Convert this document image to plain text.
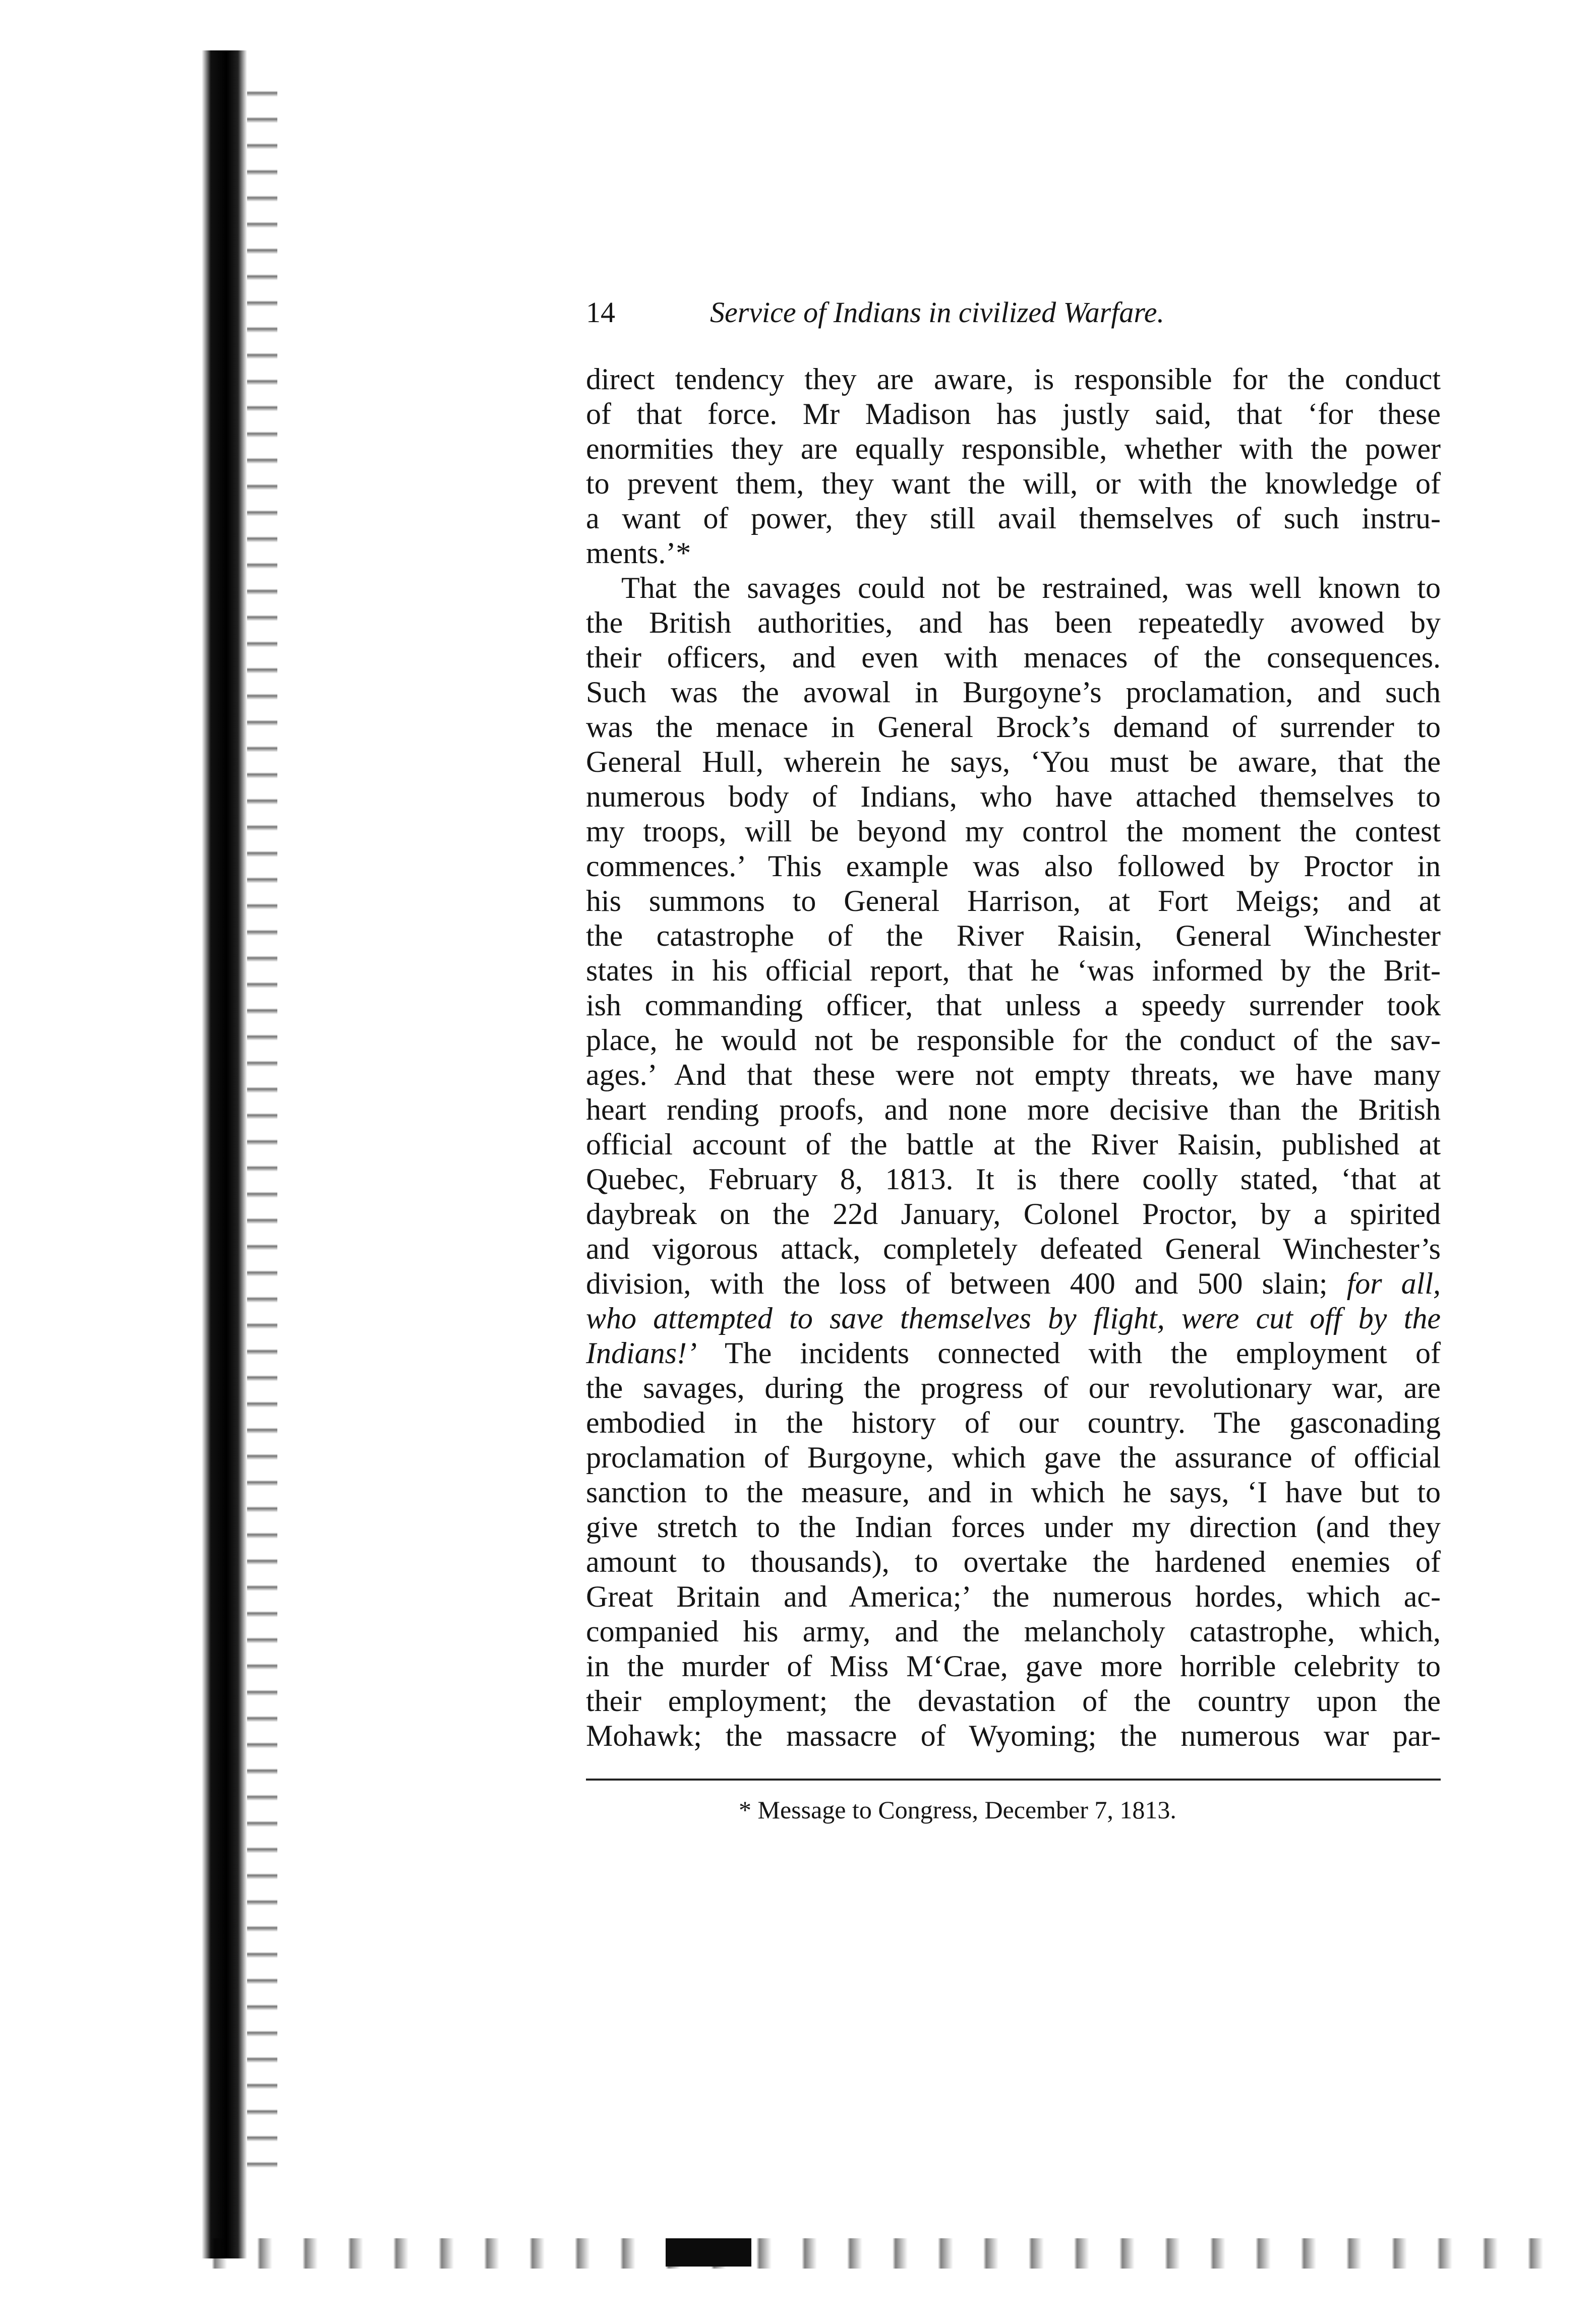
14	Service of Indians in civilized Warfare.
direct tendency they are aware, is responsible for the conduct
of that force. Mr Madison has justly said, that ‘for these
enormities they are equally responsible, whether with the power
to prevent them, they want the will, or with the knowledge of
a want of power, they still avail themselves of such instru-
ments.’*
That the savages could not be restrained, was well known to
the British authorities, and has been repeatedly avowed by
their officers, and even with menaces of the consequences.
Such was the avowal in Burgoyne’s proclamation, and such
was the menace in General Brock’s demand of surrender to
General Hull, wherein he says, ‘You must be aware, that the
numerous body of Indians, who have attached themselves to
my troops, will be beyond my control the moment the contest
commences.’ This example was also followed by Proctor in
his summons to General Harrison, at Fort Meigs; and at
the catastrophe of the River Raisin, General Winchester
states in his official report, that he ‘was informed by the Brit-
ish commanding officer, that unless a speedy surrender took
place, he would not be responsible for the conduct of the sav-
ages.’ And that these were not empty threats, we have many
heart rending proofs, and none more decisive than the British
official account of the battle at the River Raisin, published at
Quebec, February 8, 1813. It is there coolly stated, ‘that at
daybreak on the 22d January, Colonel Proctor, by a spirited
and vigorous attack, completely defeated General Winchester’s
division, with the loss of between 400 and 500 slain; for all,
who attempted to save themselves by flight, were cut off by the
Indians!’ The incidents connected with the employment of
the savages, during the progress of our revolutionary war, are
embodied in the history of our country. The gasconading
proclamation of Burgoyne, which gave the assurance of official
sanction to the measure, and in which he says, ‘I have but to
give stretch to the Indian forces under my direction (and they
amount to thousands), to overtake the hardened enemies of
Great Britain and America;’ the numerous hordes, which ac-
companied his army, and the melancholy catastrophe, which,
in the murder of Miss M‘Crae, gave more horrible celebrity to
their employment; the devastation of the country upon the
Mohawk; the massacre of Wyoming; the numerous war par-
* Message to Congress, December 7, 1813.
